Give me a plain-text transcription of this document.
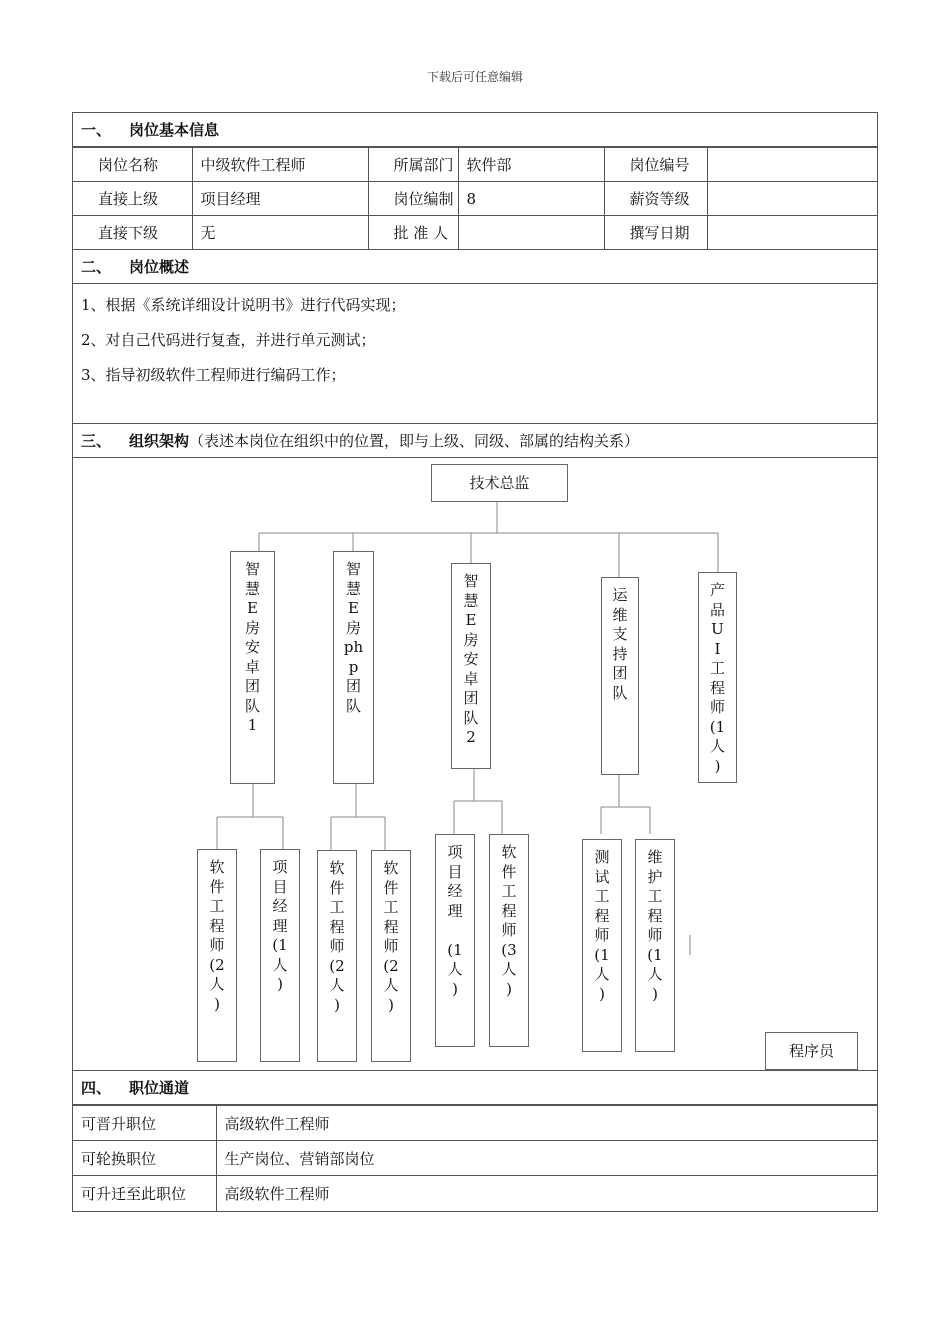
下载后可任意编辑
一、 岗位基本信息
岗位名称	中级软件工程师	所属部门	软件部	岗位编号	
直接上级	项目经理	岗位编制	8	薪资等级	
直接下级	无	批 准 人		撰写日期	
二、 岗位概述
1、根据《系统详细设计说明书》进行代码实现；
2、对自己代码进行复查，并进行单元测试；
3、指导初级软件工程师进行编码工作；
三、 组织架构 （表述本岗位在组织中的位置，即与上级、同级、部属的结构关系）
技术总监
智
慧
E
房
安
卓
团
队
1
智
慧
E
房
ph
p
团
队
智
慧
E
房
安
卓
团
队
2
运
维
支
持
团
队
产
品
U
I
工
程
师
(1
人
)
软
件
工
程
师
(2
人
)
项
目
经
理
(1
人
)
软
件
工
程
师
(2
人
)
软
件
工
程
师
(2
人
)
项
目
经
理

(1
人
)
软
件
工
程
师
(3
人
)
测
试
工
程
师
(1
人
)
维
护
工
程
师
(1
人
)
程序员
四、 职位通道
可晋升职位	高级软件工程师
可轮换职位	生产岗位、营销部岗位
可升迁至此职位	高级软件工程师
